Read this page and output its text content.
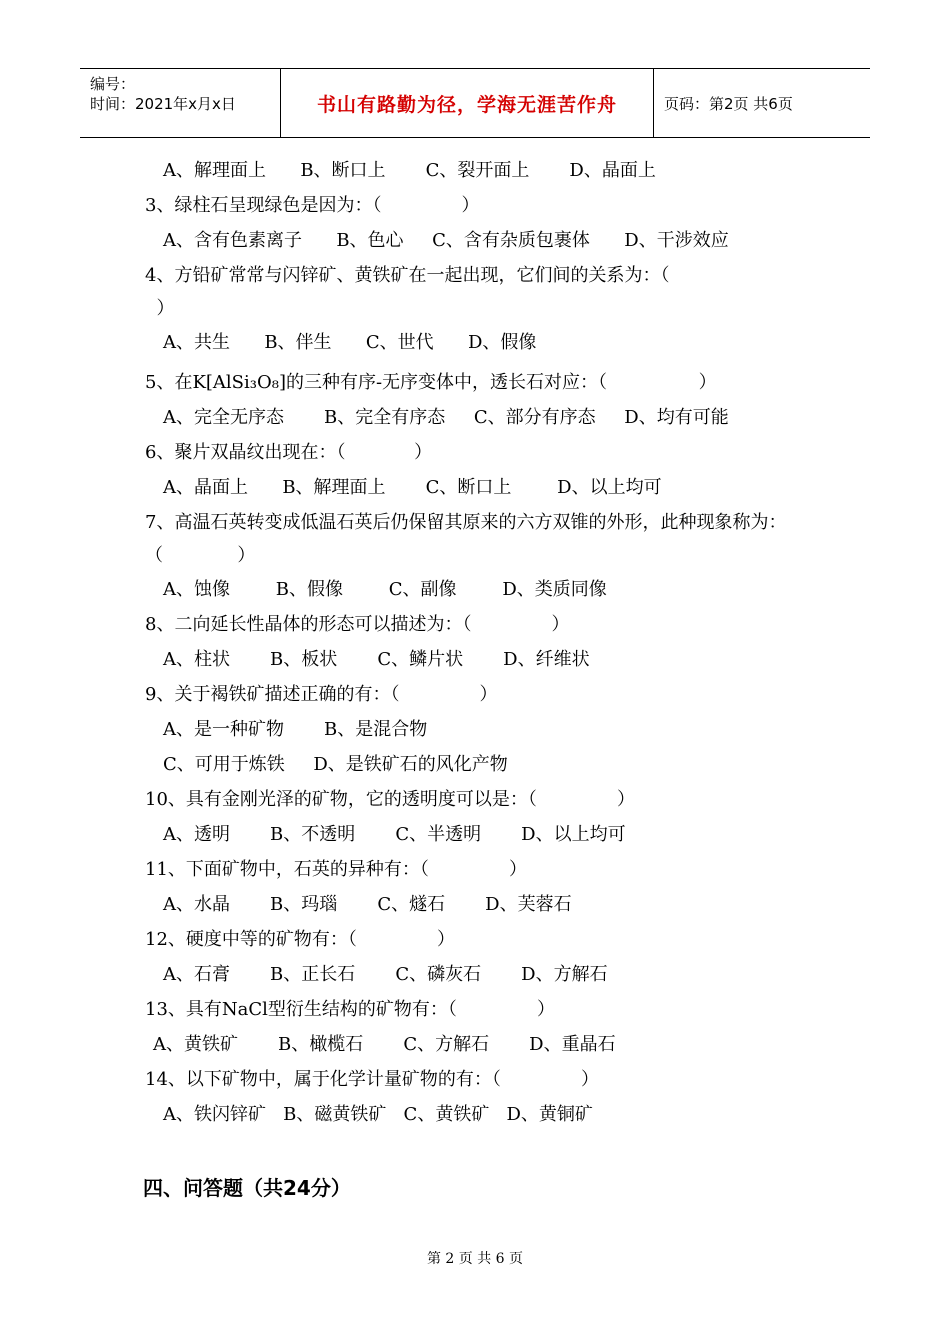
编号：
时间：2021年x月x日	书山有路勤为径，学海无涯苦作舟	页码：第2页 共6页
A、解理面上      B、断口上       C、裂开面上       D、晶面上
3、绿柱石呈现绿色是因为：（              ）
A、含有色素离子      B、色心     C、含有杂质包裹体      D、干涉效应
4、方铅矿常常与闪锌矿、黄铁矿在一起出现，它们间的关系为：（
）
A、共生      B、伴生      C、世代      D、假像
5、在K[AlSi₃O₈]的三种有序-无序变体中，透长石对应：（                ）
A、完全无序态       B、完全有序态     C、部分有序态     D、均有可能
6、聚片双晶纹出现在：（            ）
A、晶面上      B、解理面上       C、断口上        D、以上均可
7、高温石英转变成低温石英后仍保留其原来的六方双锥的外形，此种现象称为：
（             ）
A、蚀像        B、假像        C、副像        D、类质同像
8、二向延长性晶体的形态可以描述为：（              ）
A、柱状       B、板状       C、鳞片状       D、纤维状
9、关于褐铁矿描述正确的有：（              ）
A、是一种矿物       B、是混合物
C、可用于炼铁     D、是铁矿石的风化产物
10、具有金刚光泽的矿物，它的透明度可以是：（              ）
A、透明       B、不透明       C、半透明       D、以上均可
11、下面矿物中，石英的异种有：（              ）
A、水晶       B、玛瑙       C、燧石       D、芙蓉石
12、硬度中等的矿物有：（              ）
A、石膏       B、正长石       C、磷灰石       D、方解石
13、具有NaCl型衍生结构的矿物有：（              ）
A、黄铁矿       B、橄榄石       C、方解石       D、重晶石
14、以下矿物中，属于化学计量矿物的有：（              ）
A、铁闪锌矿   B、磁黄铁矿   C、黄铁矿   D、黄铜矿
四、问答题（共24分）
第 2 页 共 6 页
